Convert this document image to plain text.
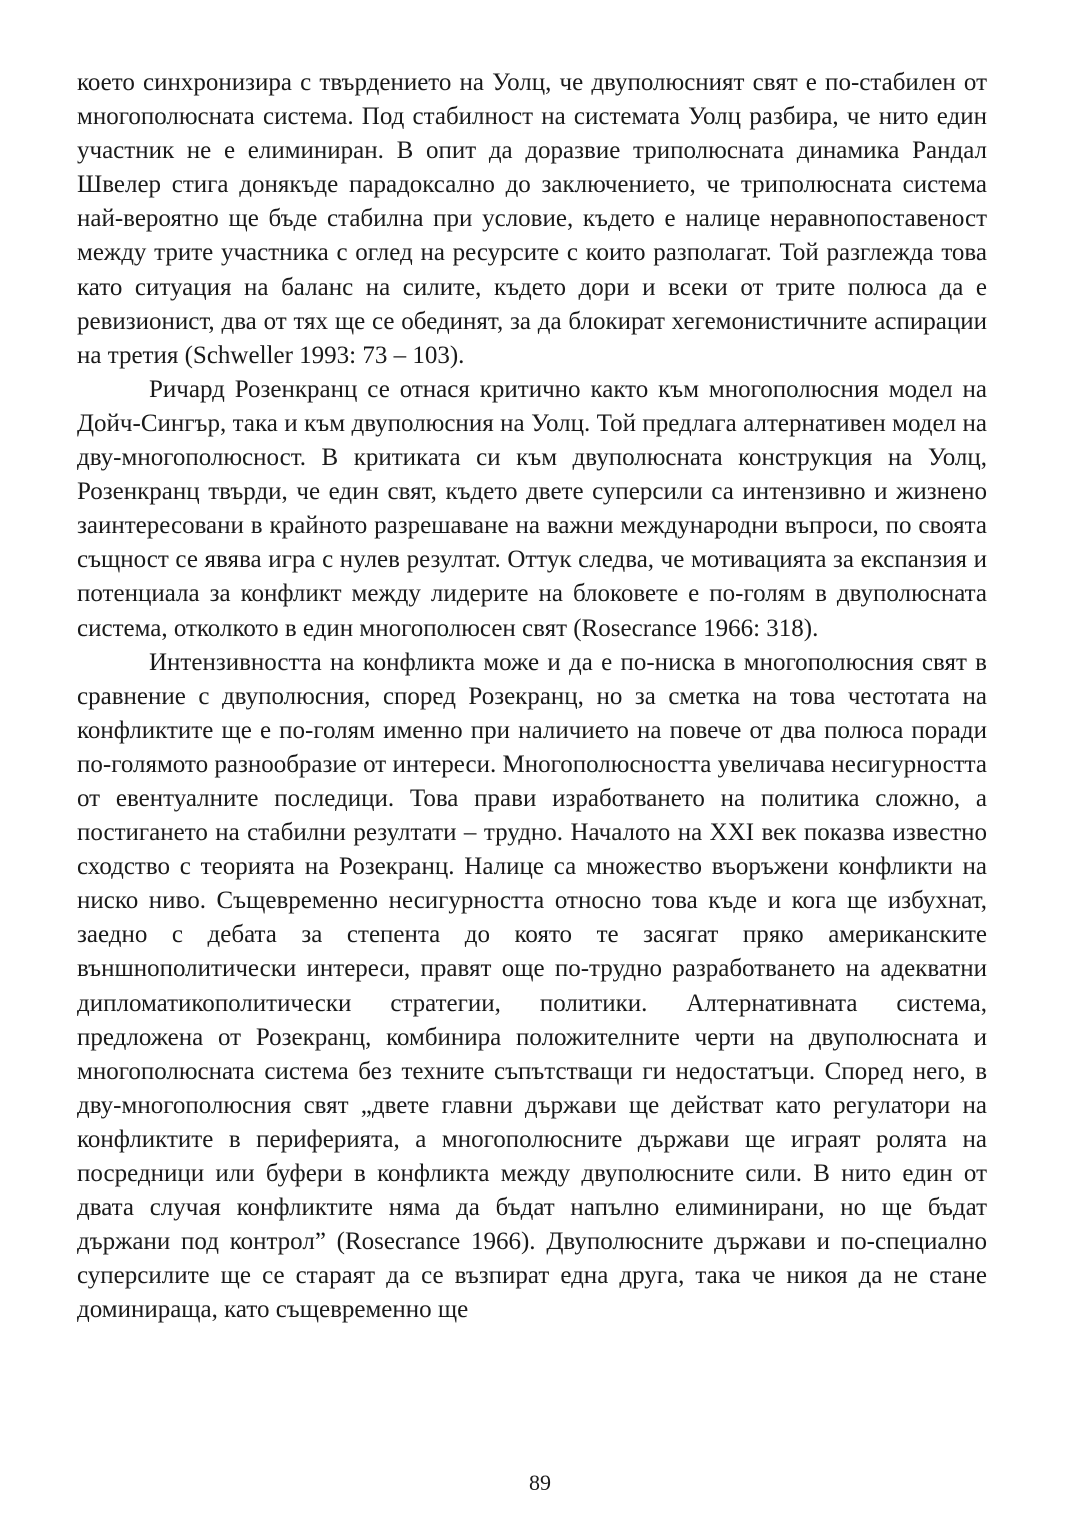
което синхронизира с твърдението на Уолц, че двуполюсният свят е по-стабилен от многополюсната система. Под стабилност на системата Уолц разбира, че нито един участник не е елиминиран. В опит да доразвие триполюсната динамика Рандал Швелер стига донякъде парадоксално до заключението, че триполюсната система най-вероятно ще бъде стабилна при условие, където е налице неравнопоставеност между трите участника с оглед на ресурсите с които разполагат. Той разглежда това като ситуация на баланс на силите, където дори и всеки от трите полюса да е ревизионист, два от тях ще се обединят, за да блокират хегемонистичните аспирации на третия (Schweller 1993: 73 – 103).

Ричард Розенкранц се отнася критично както към многополюсния модел на Дойч-Сингър, така и към двуполюсния на Уолц. Той предлага алтернативен модел на дву-многополюсност. В критиката си към двуполюсната конструкция на Уолц, Розенкранц твърди, че един свят, където двете суперсили са интензивно и жизнено заинтересовани в крайното разрешаване на важни международни въпроси, по своята същност се явява игра с нулев резултат. Оттук следва, че мотивацията за експанзия и потенциала за конфликт между лидерите на блоковете е по-голям в двуполюсната система, отколкото в един многополюсен свят (Rosecrance 1966: 318).

Интензивността на конфликта може и да е по-ниска в многополюсния свят в сравнение с двуполюсния, според Розекранц, но за сметка на това честотата на конфликтите ще е по-голям именно при наличието на повече от два полюса поради по-голямото разнообразие от интереси. Многополюсността увеличава несигурността от евентуалните последици. Това прави изработването на политика сложно, а постигането на стабилни резултати – трудно. Началото на XXI век показва известно сходство с теорията на Розекранц. Налице са множество въоръжени конфликти на ниско ниво. Същевременно несигурността относно това къде и кога ще избухнат, заедно с дебата за степента до която те засягат пряко американските външнополитически интереси, правят още по-трудно разработването на адекватни дипломатикополитически стратегии, политики. Алтернативната система, предложена от Розекранц, комбинира положителните черти на двуполюсната и многополюсната система без техните съпътстващи ги недостатъци. Според него, в дву-многополюсния свят „двете главни държави ще действат като регулатори на конфликтите в периферията, а многополюсните държави ще играят ролята на посредници или буфери в конфликта между двуполюсните сили. В нито един от двата случая конфликтите няма да бъдат напълно елиминирани, но ще бъдат държани под контрол” (Rosecrance 1966). Двуполюсните държави и по-специално суперсилите ще се стараят да се възпират една друга, така че никоя да не стане доминираща, като същевременно ще

89
